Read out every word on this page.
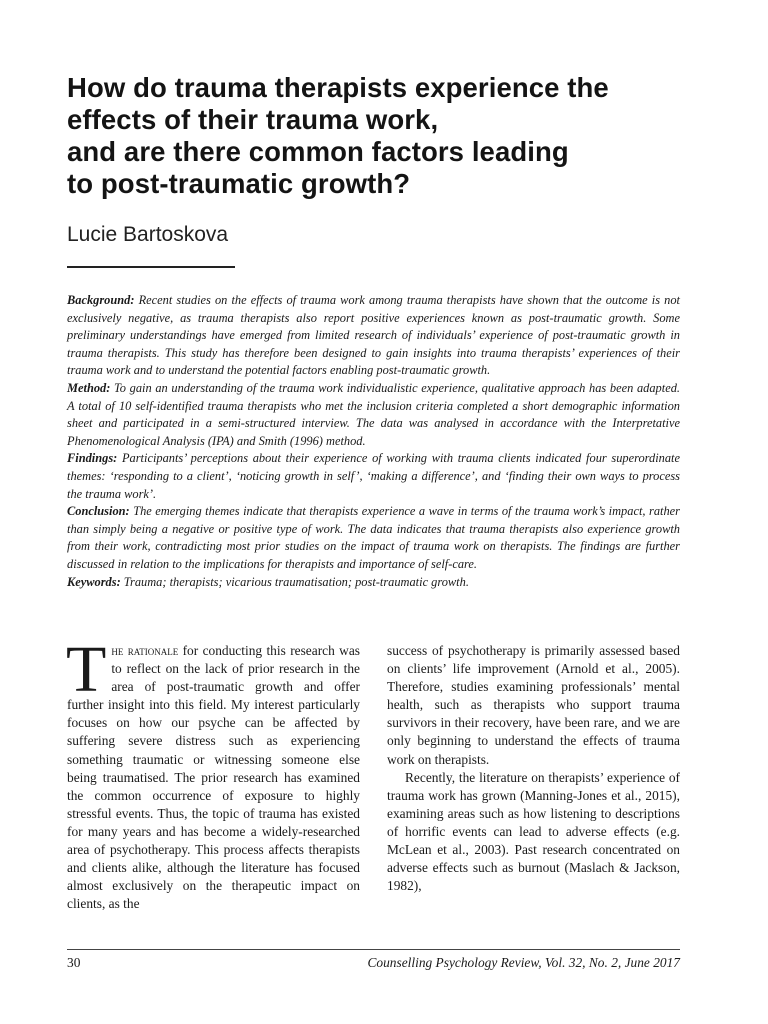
How do trauma therapists experience the
effects of their trauma work,
and are there common factors leading
to post-traumatic growth?
Lucie Bartoskova

Background: Recent studies on the effects of trauma work among trauma therapists have shown that the outcome is not exclusively negative, as trauma therapists also report positive experiences known as post-traumatic growth. Some preliminary understandings have emerged from limited research of individuals’ experience of post-traumatic growth in trauma therapists. This study has therefore been designed to gain insights into trauma therapists’ experiences of their trauma work and to understand the potential factors enabling post-traumatic growth.

Method: To gain an understanding of the trauma work individualistic experience, qualitative approach has been adapted. A total of 10 self-identified trauma therapists who met the inclusion criteria completed a short demographic information sheet and participated in a semi-structured interview. The data was analysed in accordance with the Interpretative Phenomenological Analysis (IPA) and Smith (1996) method.

Findings: Participants’ perceptions about their experience of working with trauma clients indicated four superordinate themes: ‘responding to a client’, ‘noticing growth in self’, ‘making a difference’, and ‘finding their own ways to process the trauma work’.

Conclusion: The emerging themes indicate that therapists experience a wave in terms of the trauma work’s impact, rather than simply being a negative or positive type of work. The data indicates that trauma therapists also experience growth from their work, contradicting most prior studies on the impact of trauma work on therapists. The findings are further discussed in relation to the implications for therapists and importance of self-care.

Keywords: Trauma; therapists; vicarious traumatisation; post-traumatic growth.

The rationale for conducting this research was to reflect on the lack of prior research in the area of post-traumatic growth and offer further insight into this field. My interest particularly focuses on how our psyche can be affected by suffering severe distress such as experiencing something traumatic or witnessing someone else being traumatised. The prior research has examined the common occurrence of exposure to highly stressful events. Thus, the topic of trauma has existed for many years and has become a widely-researched area of psychotherapy. This process affects therapists and clients alike, although the literature has focused almost exclusively on the therapeutic impact on clients, as the

success of psychotherapy is primarily assessed based on clients’ life improvement (Arnold et al., 2005). Therefore, studies examining professionals’ mental health, such as therapists who support trauma survivors in their recovery, have been rare, and we are only beginning to understand the effects of trauma work on therapists.

Recently, the literature on therapists’ experience of trauma work has grown (Manning-Jones et al., 2015), examining areas such as how listening to descriptions of horrific events can lead to adverse effects (e.g. McLean et al., 2003). Past research concentrated on adverse effects such as burnout (Maslach & Jackson, 1982),

30	Counselling Psychology Review, Vol. 32, No. 2, June 2017
